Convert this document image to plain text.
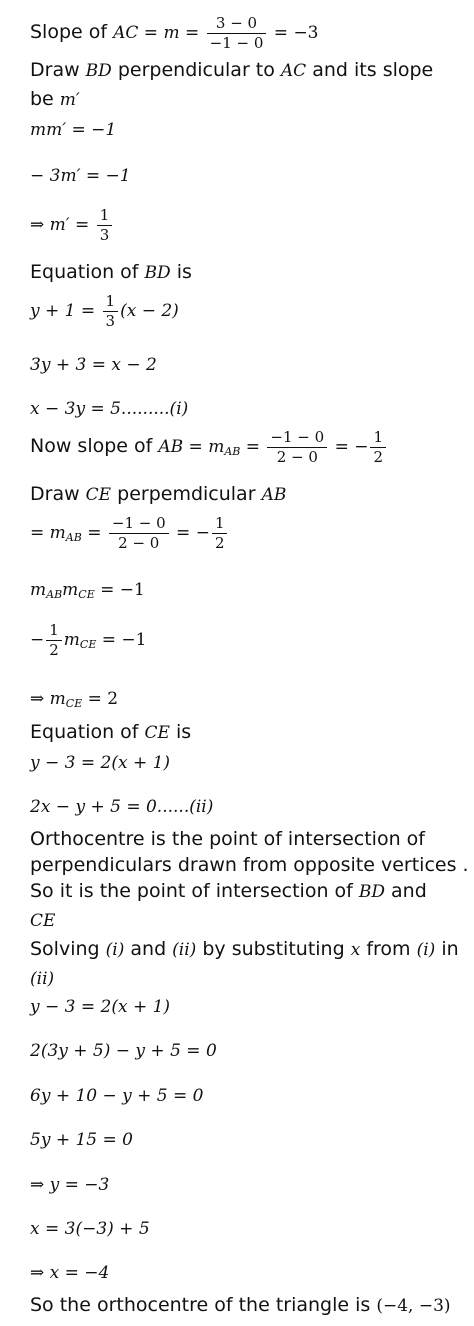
Slope of AC = $m = \frac{3 - 0}{-1 - 0} = -3$
Draw BD perpendicular to AC and its slope
be m′
mm′ = −1
− 3m′ = −1
⇒ $m' = \frac{1}{3}$
Equation of BD is
$y + 1 = \frac{1}{3} (x - 2)$
3y + 3 = x − 2
x − 3y = 5.........(i)
Now slope of AB = $m_{AB} = \frac{-1 - 0}{2 - 0}$ = − $\frac{1}{2}$
Draw CE perpemdicular AB
= $m_{AB} = \frac{-1 - 0}{2 - 0}$ = − $\frac{1}{2}$
$m_{AB}m_{CE} = -1$
− $\frac{1}{2} m_{CE} = -1$
⇒ $m_{CE} = 2$
Equation of CE is
y − 3 = 2(x + 1)
2x − y + 5 = 0......(ii)
Orthocentre is the point of intersection of
perpendiculars drawn from opposite vertices .
So it is the point of intersection of BD and
CE
Solving (i) and (ii) by substituting x from (i) in
(ii)
y − 3 = 2(x + 1)
2(3y + 5) − y + 5 = 0
6y + 10 − y + 5 = 0
5y + 15 = 0
⇒ y = −3
x = 3(−3) + 5
⇒ x = −4
So the orthocentre of the triangle is (−4, −3)
